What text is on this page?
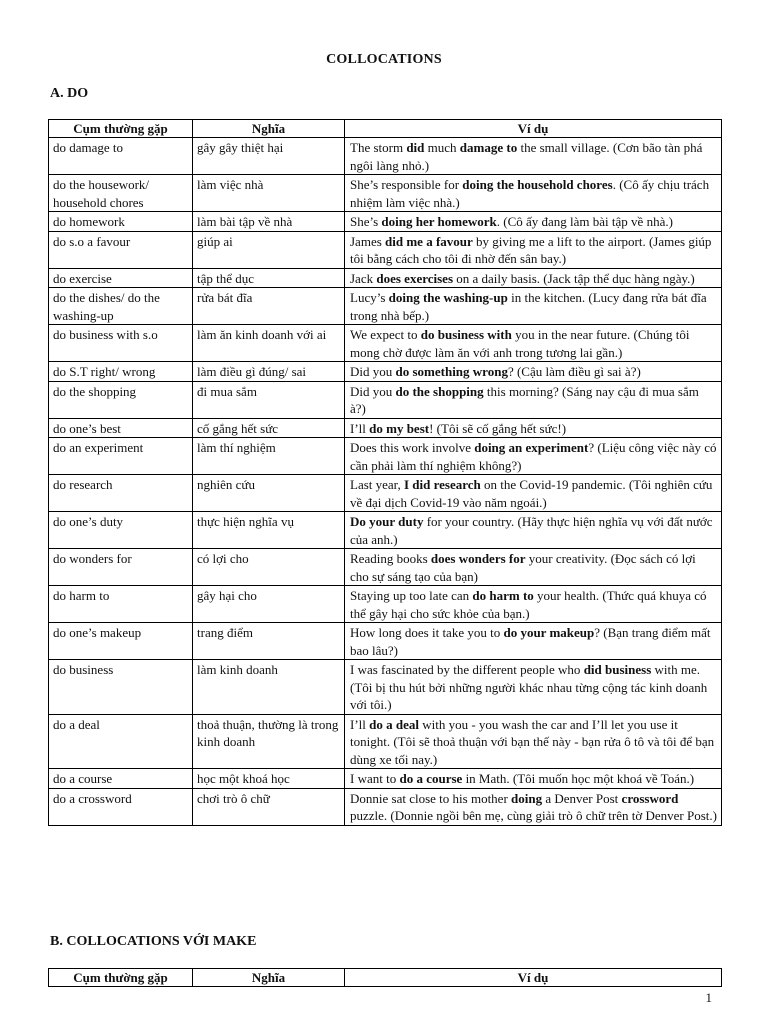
COLLOCATIONS
A. DO
Cụm thường gặp	Nghĩa	Ví dụ
do damage to	gây gây thiệt hại	The storm did much damage to the small village. (Cơn bão tàn phá ngôi làng nhỏ.)
do the housework/ household chores	làm việc nhà	She’s responsible for doing the household chores. (Cô ấy chịu trách nhiệm làm việc nhà.)
do homework	làm bài tập về nhà	She’s doing her homework. (Cô ấy đang làm bài tập về nhà.)
do s.o a favour	giúp ai	James did me a favour by giving me a lift to the airport. (James giúp tôi bằng cách cho tôi đi nhờ đến sân bay.)
do exercise	tập thể dục	Jack does exercises on a daily basis. (Jack tập thể dục hàng ngày.)
do the dishes/ do the washing-up	rửa bát đĩa	Lucy’s doing the washing-up in the kitchen. (Lucy đang rửa bát đĩa trong nhà bếp.)
do business with s.o	làm ăn kinh doanh với ai	We expect to do business with you in the near future. (Chúng tôi mong chờ được làm ăn với anh trong tương lai gần.)
do S.T right/ wrong	làm điều gì đúng/ sai	Did you do something wrong? (Cậu làm điều gì sai à?)
do the shopping	đi mua sắm	Did you do the shopping this morning? (Sáng nay cậu đi mua sắm à?)
do one’s best	cố gắng hết sức	I’ll do my best! (Tôi sẽ cố gắng hết sức!)
do an experiment	làm thí nghiệm	Does this work involve doing an experiment? (Liệu công việc này có cần phải làm thí nghiệm không?)
do research	nghiên cứu	Last year, I did research on the Covid-19 pandemic. (Tôi nghiên cứu về đại dịch Covid-19 vào năm ngoái.)
do one’s duty	thực hiện nghĩa vụ	Do your duty for your country. (Hãy thực hiện nghĩa vụ với đất nước của anh.)
do wonders for	có lợi cho	Reading books does wonders for your creativity. (Đọc sách có lợi cho sự sáng tạo của bạn)
do harm to	gây hại cho	Staying up too late can do harm to your health. (Thức quá khuya có thể gây hại cho sức khỏe của bạn.)
do one’s makeup	trang điểm	How long does it take you to do your makeup? (Bạn trang điểm mất bao lâu?)
do business	làm kinh doanh	I was fascinated by the different people who did business with me. (Tôi bị thu hút bởi những người khác nhau từng cộng tác kinh doanh với tôi.)
do a deal	thoả thuận, thường là trong kinh doanh	I’ll do a deal with you - you wash the car and I’ll let you use it tonight. (Tôi sẽ thoả thuận với bạn thế này - bạn rửa ô tô và tôi để bạn dùng xe tối nay.)
do a course	học một khoá học	I want to do a course in Math. (Tôi muốn học một khoá về Toán.)
do a crossword	chơi trò ô chữ	Donnie sat close to his mother doing a Denver Post crossword puzzle. (Donnie ngồi bên mẹ, cùng giải trò ô chữ trên tờ Denver Post.)
B. COLLOCATIONS VỚI MAKE
Cụm thường gặp	Nghĩa	Ví dụ
1
